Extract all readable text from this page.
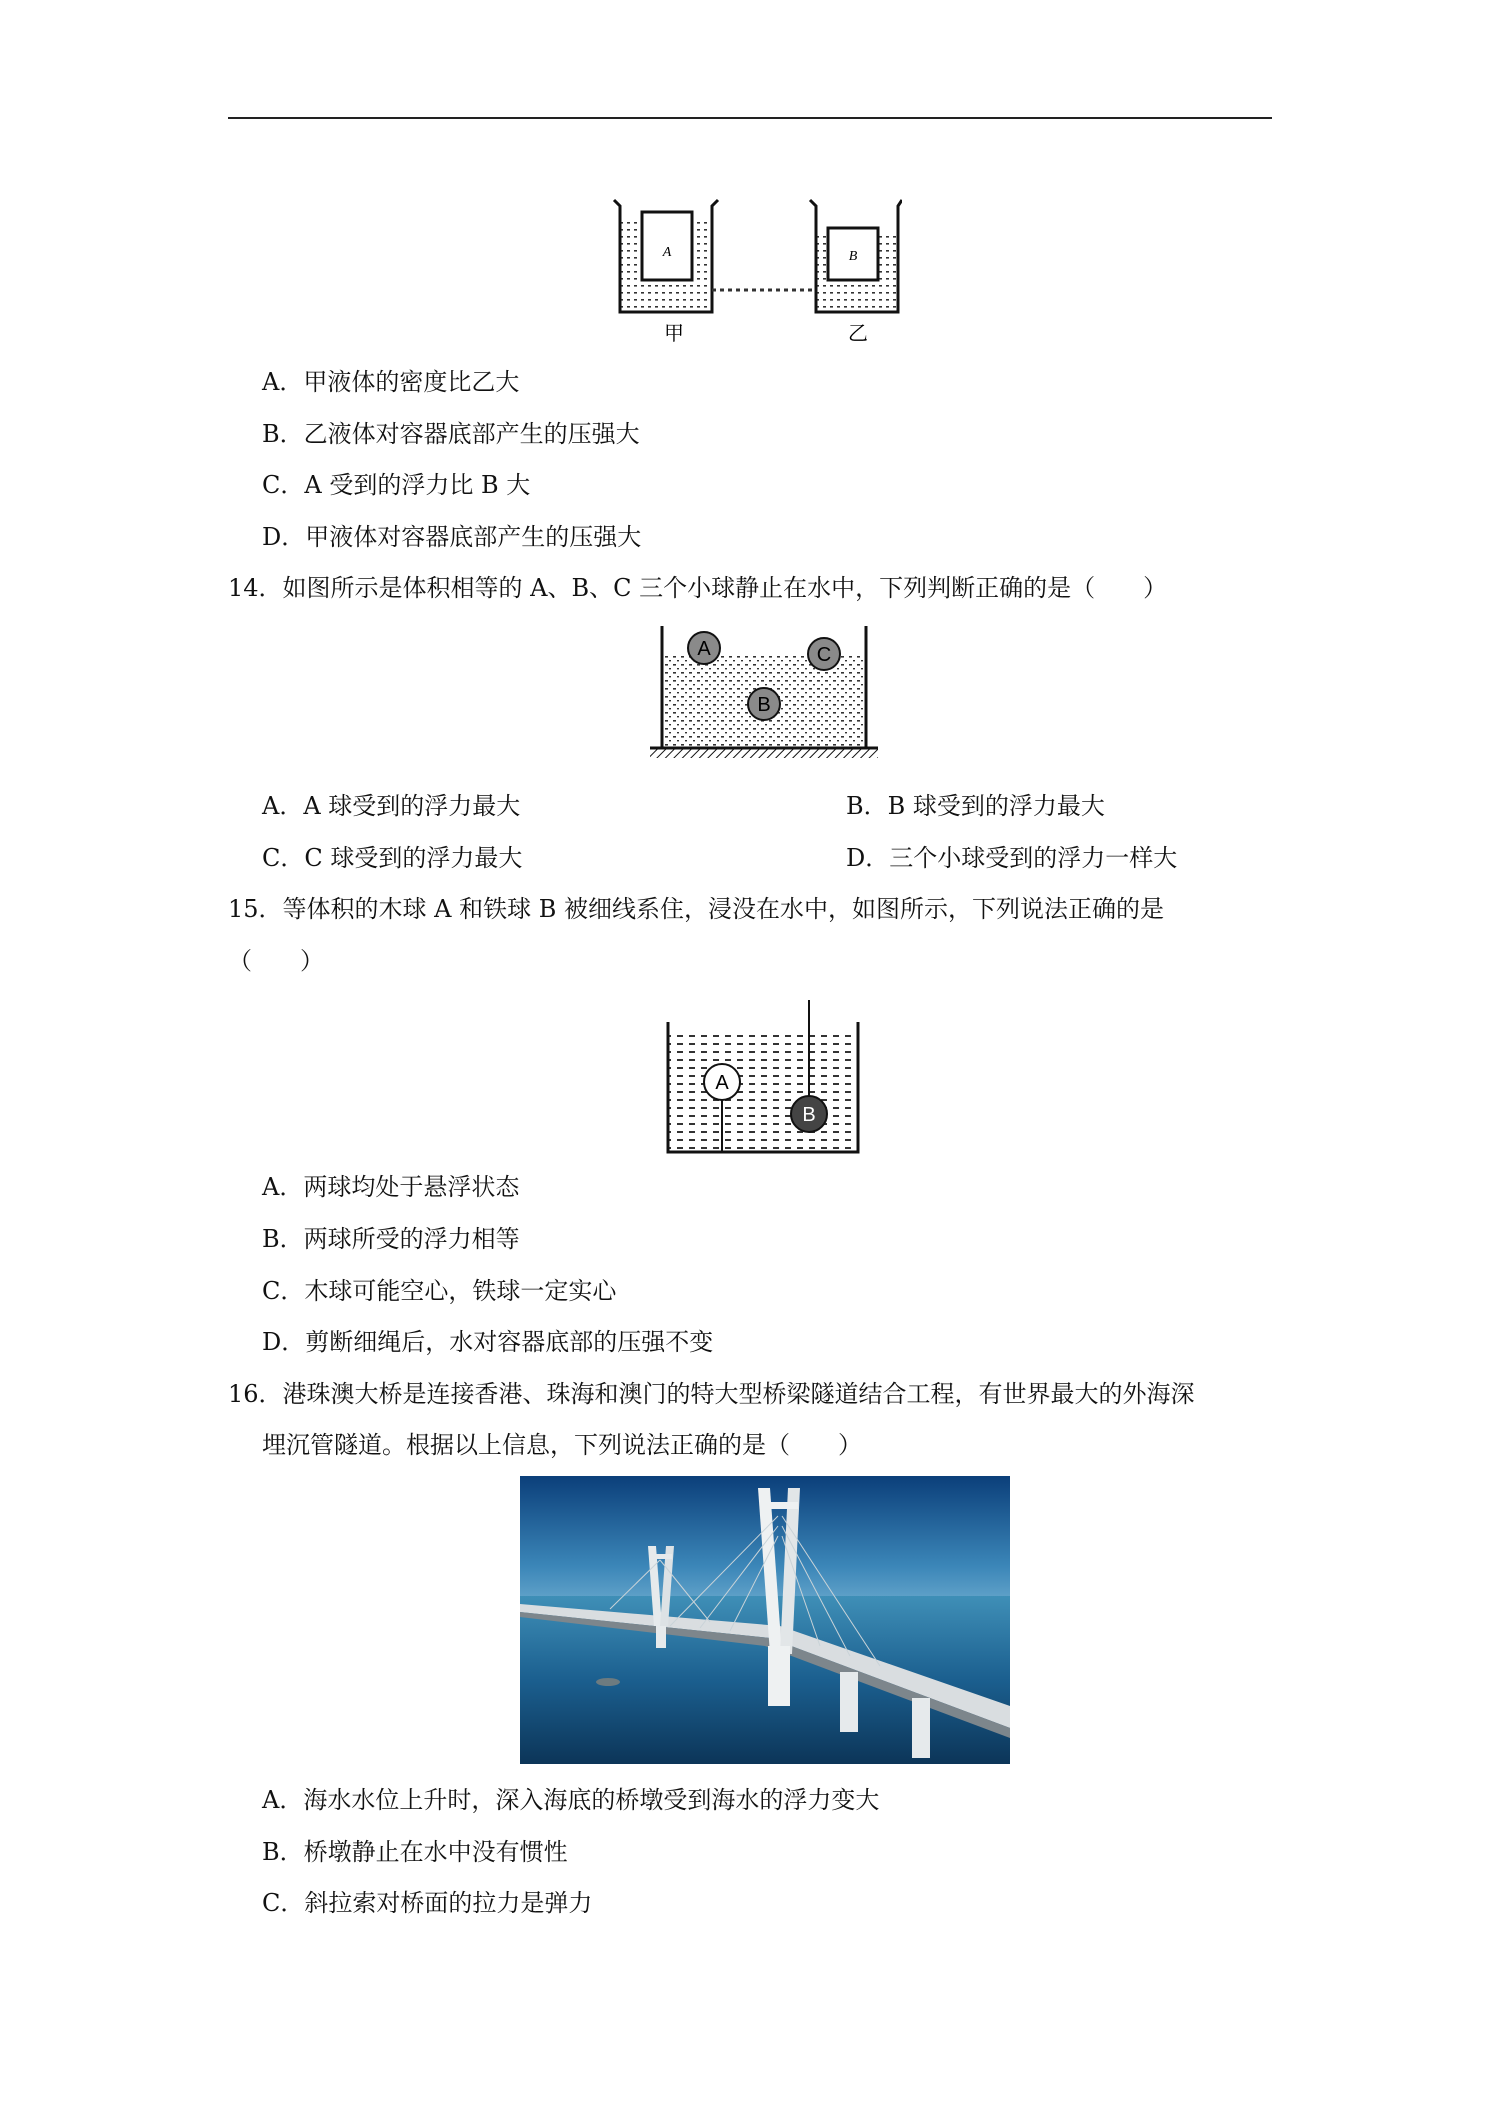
A	B
甲	乙
A．甲液体的密度比乙大
B．乙液体对容器底部产生的压强大
C．A 受到的浮力比 B 大
D．甲液体对容器底部产生的压强大
14．如图所示是体积相等的 A、B、C 三个小球静止在水中，下列判断正确的是（　　）
A	C
B
A．A 球受到的浮力最大	B．B 球受到的浮力最大
C．C 球受到的浮力最大	D．三个小球受到的浮力一样大
15．等体积的木球 A 和铁球 B 被细线系住，浸没在水中，如图所示，下列说法正确的是
（　　）
A
B
A．两球均处于悬浮状态
B．两球所受的浮力相等
C．木球可能空心，铁球一定实心
D．剪断细绳后，水对容器底部的压强不变
16．港珠澳大桥是连接香港、珠海和澳门的特大型桥梁隧道结合工程，有世界最大的外海深
埋沉管隧道。根据以上信息，下列说法正确的是（　　）
A．海水水位上升时，深入海底的桥墩受到海水的浮力变大
B．桥墩静止在水中没有惯性
C．斜拉索对桥面的拉力是弹力
